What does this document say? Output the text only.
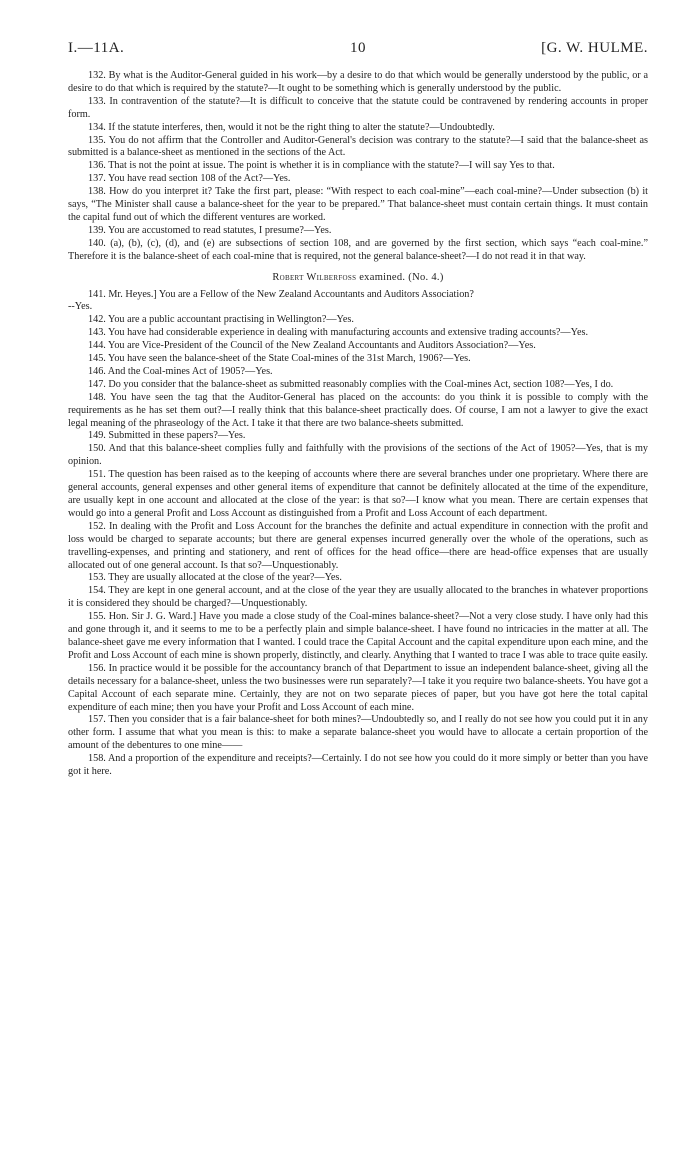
I.—11A.	10	[G. W. HULME.

132. By what is the Auditor-General guided in his work—by a desire to do that which would be generally understood by the public, or a desire to do that which is required by the statute?—It ought to be something which is generally understood by the public.

133. In contravention of the statute?—It is difficult to conceive that the statute could be contravened by rendering accounts in proper form.

134. If the statute interferes, then, would it not be the right thing to alter the statute?—Undoubtedly.

135. You do not affirm that the Controller and Auditor-General's decision was contrary to the statute?—I said that the balance-sheet as submitted is a balance-sheet as mentioned in the sections of the Act.

136. That is not the point at issue. The point is whether it is in compliance with the statute?—I will say Yes to that.

137. You have read section 108 of the Act?—Yes.

138. How do you interpret it? Take the first part, please: “With respect to each coal-mine”—each coal-mine?—Under subsection (b) it says, “The Minister shall cause a balance-sheet for the year to be prepared.” That balance-sheet must contain certain things. It must contain the capital fund out of which the different ventures are worked.

139. You are accustomed to read statutes, I presume?—Yes.

140. (a), (b), (c), (d), and (e) are subsections of section 108, and are governed by the first section, which says “each coal-mine.” Therefore it is the balance-sheet of each coal-mine that is required, not the general balance-sheet?—I do not read it in that way.

Robert Wilberfoss examined. (No. 4.)

141. Mr. Heyes.] You are a Fellow of the New Zealand Accountants and Auditors Association?

--Yes.

142. You are a public accountant practising in Wellington?—Yes.

143. You have had considerable experience in dealing with manufacturing accounts and extensive trading accounts?—Yes.

144. You are Vice-President of the Council of the New Zealand Accountants and Auditors Association?—Yes.

145. You have seen the balance-sheet of the State Coal-mines of the 31st March, 1906?—Yes.

146. And the Coal-mines Act of 1905?—Yes.

147. Do you consider that the balance-sheet as submitted reasonably complies with the Coal-mines Act, section 108?—Yes, I do.

148. You have seen the tag that the Auditor-General has placed on the accounts: do you think it is possible to comply with the requirements as he has set them out?—I really think that this balance-sheet practically does. Of course, I am not a lawyer to give the exact legal meaning of the phraseology of the Act. I take it that there are two balance-sheets submitted.

149. Submitted in these papers?—Yes.

150. And that this balance-sheet complies fully and faithfully with the provisions of the sections of the Act of 1905?—Yes, that is my opinion.

151. The question has been raised as to the keeping of accounts where there are several branches under one proprietary. Where there are general accounts, general expenses and other general items of expenditure that cannot be definitely allocated at the time of the expenditure, are usually kept in one account and allocated at the close of the year: is that so?—I know what you mean. There are certain expenses that would go into a general Profit and Loss Account as distinguished from a Profit and Loss Account of each department.

152. In dealing with the Profit and Loss Account for the branches the definite and actual expenditure in connection with the profit and loss would be charged to separate accounts; but there are general expenses incurred generally over the whole of the operations, such as travelling-expenses, and printing and stationery, and rent of offices for the head office—there are head-office expenses that are usually allocated out of one general account. Is that so?—Unquestionably.

153. They are usually allocated at the close of the year?—Yes.

154. They are kept in one general account, and at the close of the year they are usually allocated to the branches in whatever proportions it is considered they should be charged?—Unquestionably.

155. Hon. Sir J. G. Ward.] Have you made a close study of the Coal-mines balance-sheet?—Not a very close study. I have only had this and gone through it, and it seems to me to be a perfectly plain and simple balance-sheet. I have found no intricacies in the matter at all. The balance-sheet gave me every information that I wanted. I could trace the Capital Account and the capital expenditure upon each mine, and the Profit and Loss Account of each mine is shown properly, distinctly, and clearly. Anything that I wanted to trace I was able to trace quite easily.

156. In practice would it be possible for the accountancy branch of that Department to issue an independent balance-sheet, giving all the details necessary for a balance-sheet, unless the two businesses were run separately?—I take it you require two balance-sheets. You have got a Capital Account of each separate mine. Certainly, they are not on two separate pieces of paper, but you have got here the total capital expenditure of each mine; then you have your Profit and Loss Account of each mine.

157. Then you consider that is a fair balance-sheet for both mines?—Undoubtedly so, and I really do not see how you could put it in any other form. I assume that what you mean is this: to make a separate balance-sheet you would have to allocate a certain proportion of the amount of the debentures to one mine——

158. And a proportion of the expenditure and receipts?—Certainly. I do not see how you could do it more simply or better than you have got it here.
